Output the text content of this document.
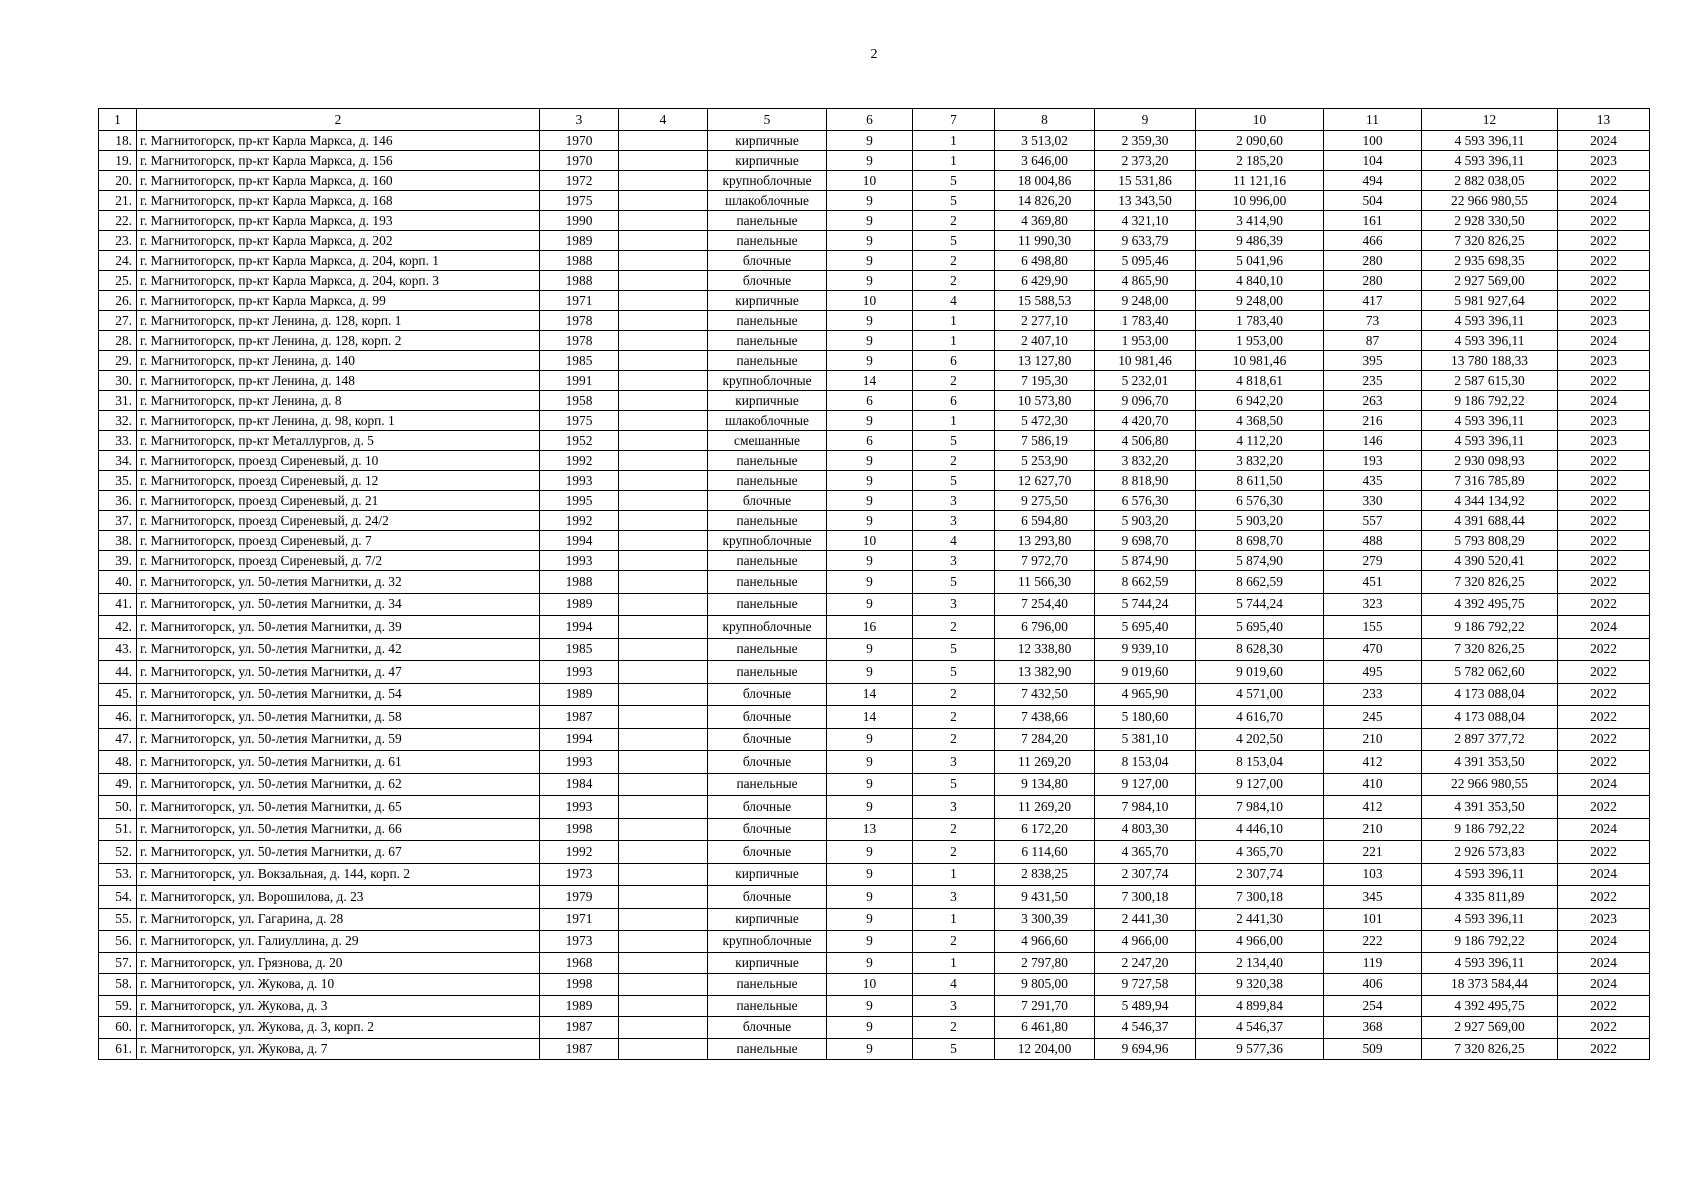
2
1	2	3	4	5	6	7	8	9	10	11	12	13
18.	г. Магнитогорск, пр-кт Карла Маркса, д. 146	1970		кирпичные	9	1	3 513,02	2 359,30	2 090,60	100	4 593 396,11	2024
19.	г. Магнитогорск, пр-кт Карла Маркса, д. 156	1970		кирпичные	9	1	3 646,00	2 373,20	2 185,20	104	4 593 396,11	2023
20.	г. Магнитогорск, пр-кт Карла Маркса, д. 160	1972		крупноблочные	10	5	18 004,86	15 531,86	11 121,16	494	2 882 038,05	2022
21.	г. Магнитогорск, пр-кт Карла Маркса, д. 168	1975		шлакоблочные	9	5	14 826,20	13 343,50	10 996,00	504	22 966 980,55	2024
22.	г. Магнитогорск, пр-кт Карла Маркса, д. 193	1990		панельные	9	2	4 369,80	4 321,10	3 414,90	161	2 928 330,50	2022
23.	г. Магнитогорск, пр-кт Карла Маркса, д. 202	1989		панельные	9	5	11 990,30	9 633,79	9 486,39	466	7 320 826,25	2022
24.	г. Магнитогорск, пр-кт Карла Маркса, д. 204, корп. 1	1988		блочные	9	2	6 498,80	5 095,46	5 041,96	280	2 935 698,35	2022
25.	г. Магнитогорск, пр-кт Карла Маркса, д. 204, корп. 3	1988		блочные	9	2	6 429,90	4 865,90	4 840,10	280	2 927 569,00	2022
26.	г. Магнитогорск, пр-кт Карла Маркса, д. 99	1971		кирпичные	10	4	15 588,53	9 248,00	9 248,00	417	5 981 927,64	2022
27.	г. Магнитогорск, пр-кт Ленина, д. 128, корп. 1	1978		панельные	9	1	2 277,10	1 783,40	1 783,40	73	4 593 396,11	2023
28.	г. Магнитогорск, пр-кт Ленина, д. 128, корп. 2	1978		панельные	9	1	2 407,10	1 953,00	1 953,00	87	4 593 396,11	2024
29.	г. Магнитогорск, пр-кт Ленина, д. 140	1985		панельные	9	6	13 127,80	10 981,46	10 981,46	395	13 780 188,33	2023
30.	г. Магнитогорск, пр-кт Ленина, д. 148	1991		крупноблочные	14	2	7 195,30	5 232,01	4 818,61	235	2 587 615,30	2022
31.	г. Магнитогорск, пр-кт Ленина, д. 8	1958		кирпичные	6	6	10 573,80	9 096,70	6 942,20	263	9 186 792,22	2024
32.	г. Магнитогорск, пр-кт Ленина, д. 98, корп. 1	1975		шлакоблочные	9	1	5 472,30	4 420,70	4 368,50	216	4 593 396,11	2023
33.	г. Магнитогорск, пр-кт Металлургов, д. 5	1952		смешанные	6	5	7 586,19	4 506,80	4 112,20	146	4 593 396,11	2023
34.	г. Магнитогорск, проезд Сиреневый, д. 10	1992		панельные	9	2	5 253,90	3 832,20	3 832,20	193	2 930 098,93	2022
35.	г. Магнитогорск, проезд Сиреневый, д. 12	1993		панельные	9	5	12 627,70	8 818,90	8 611,50	435	7 316 785,89	2022
36.	г. Магнитогорск, проезд Сиреневый, д. 21	1995		блочные	9	3	9 275,50	6 576,30	6 576,30	330	4 344 134,92	2022
37.	г. Магнитогорск, проезд Сиреневый, д. 24/2	1992		панельные	9	3	6 594,80	5 903,20	5 903,20	557	4 391 688,44	2022
38.	г. Магнитогорск, проезд Сиреневый, д. 7	1994		крупноблочные	10	4	13 293,80	9 698,70	8 698,70	488	5 793 808,29	2022
39.	г. Магнитогорск, проезд Сиреневый, д. 7/2	1993		панельные	9	3	7 972,70	5 874,90	5 874,90	279	4 390 520,41	2022
40.	г. Магнитогорск, ул. 50-летия Магнитки, д. 32	1988		панельные	9	5	11 566,30	8 662,59	8 662,59	451	7 320 826,25	2022
41.	г. Магнитогорск, ул. 50-летия Магнитки, д. 34	1989		панельные	9	3	7 254,40	5 744,24	5 744,24	323	4 392 495,75	2022
42.	г. Магнитогорск, ул. 50-летия Магнитки, д. 39	1994		крупноблочные	16	2	6 796,00	5 695,40	5 695,40	155	9 186 792,22	2024
43.	г. Магнитогорск, ул. 50-летия Магнитки, д. 42	1985		панельные	9	5	12 338,80	9 939,10	8 628,30	470	7 320 826,25	2022
44.	г. Магнитогорск, ул. 50-летия Магнитки, д. 47	1993		панельные	9	5	13 382,90	9 019,60	9 019,60	495	5 782 062,60	2022
45.	г. Магнитогорск, ул. 50-летия Магнитки, д. 54	1989		блочные	14	2	7 432,50	4 965,90	4 571,00	233	4 173 088,04	2022
46.	г. Магнитогорск, ул. 50-летия Магнитки, д. 58	1987		блочные	14	2	7 438,66	5 180,60	4 616,70	245	4 173 088,04	2022
47.	г. Магнитогорск, ул. 50-летия Магнитки, д. 59	1994		блочные	9	2	7 284,20	5 381,10	4 202,50	210	2 897 377,72	2022
48.	г. Магнитогорск, ул. 50-летия Магнитки, д. 61	1993		блочные	9	3	11 269,20	8 153,04	8 153,04	412	4 391 353,50	2022
49.	г. Магнитогорск, ул. 50-летия Магнитки, д. 62	1984		панельные	9	5	9 134,80	9 127,00	9 127,00	410	22 966 980,55	2024
50.	г. Магнитогорск, ул. 50-летия Магнитки, д. 65	1993		блочные	9	3	11 269,20	7 984,10	7 984,10	412	4 391 353,50	2022
51.	г. Магнитогорск, ул. 50-летия Магнитки, д. 66	1998		блочные	13	2	6 172,20	4 803,30	4 446,10	210	9 186 792,22	2024
52.	г. Магнитогорск, ул. 50-летия Магнитки, д. 67	1992		блочные	9	2	6 114,60	4 365,70	4 365,70	221	2 926 573,83	2022
53.	г. Магнитогорск, ул. Вокзальная, д. 144, корп. 2	1973		кирпичные	9	1	2 838,25	2 307,74	2 307,74	103	4 593 396,11	2024
54.	г. Магнитогорск, ул. Ворошилова, д. 23	1979		блочные	9	3	9 431,50	7 300,18	7 300,18	345	4 335 811,89	2022
55.	г. Магнитогорск, ул. Гагарина, д. 28	1971		кирпичные	9	1	3 300,39	2 441,30	2 441,30	101	4 593 396,11	2023
56.	г. Магнитогорск, ул. Галиуллина, д. 29	1973		крупноблочные	9	2	4 966,60	4 966,00	4 966,00	222	9 186 792,22	2024
57.	г. Магнитогорск, ул. Грязнова, д. 20	1968		кирпичные	9	1	2 797,80	2 247,20	2 134,40	119	4 593 396,11	2024
58.	г. Магнитогорск, ул. Жукова, д. 10	1998		панельные	10	4	9 805,00	9 727,58	9 320,38	406	18 373 584,44	2024
59.	г. Магнитогорск, ул. Жукова, д. 3	1989		панельные	9	3	7 291,70	5 489,94	4 899,84	254	4 392 495,75	2022
60.	г. Магнитогорск, ул. Жукова, д. 3, корп. 2	1987		блочные	9	2	6 461,80	4 546,37	4 546,37	368	2 927 569,00	2022
61.	г. Магнитогорск, ул. Жукова, д. 7	1987		панельные	9	5	12 204,00	9 694,96	9 577,36	509	7 320 826,25	2022
